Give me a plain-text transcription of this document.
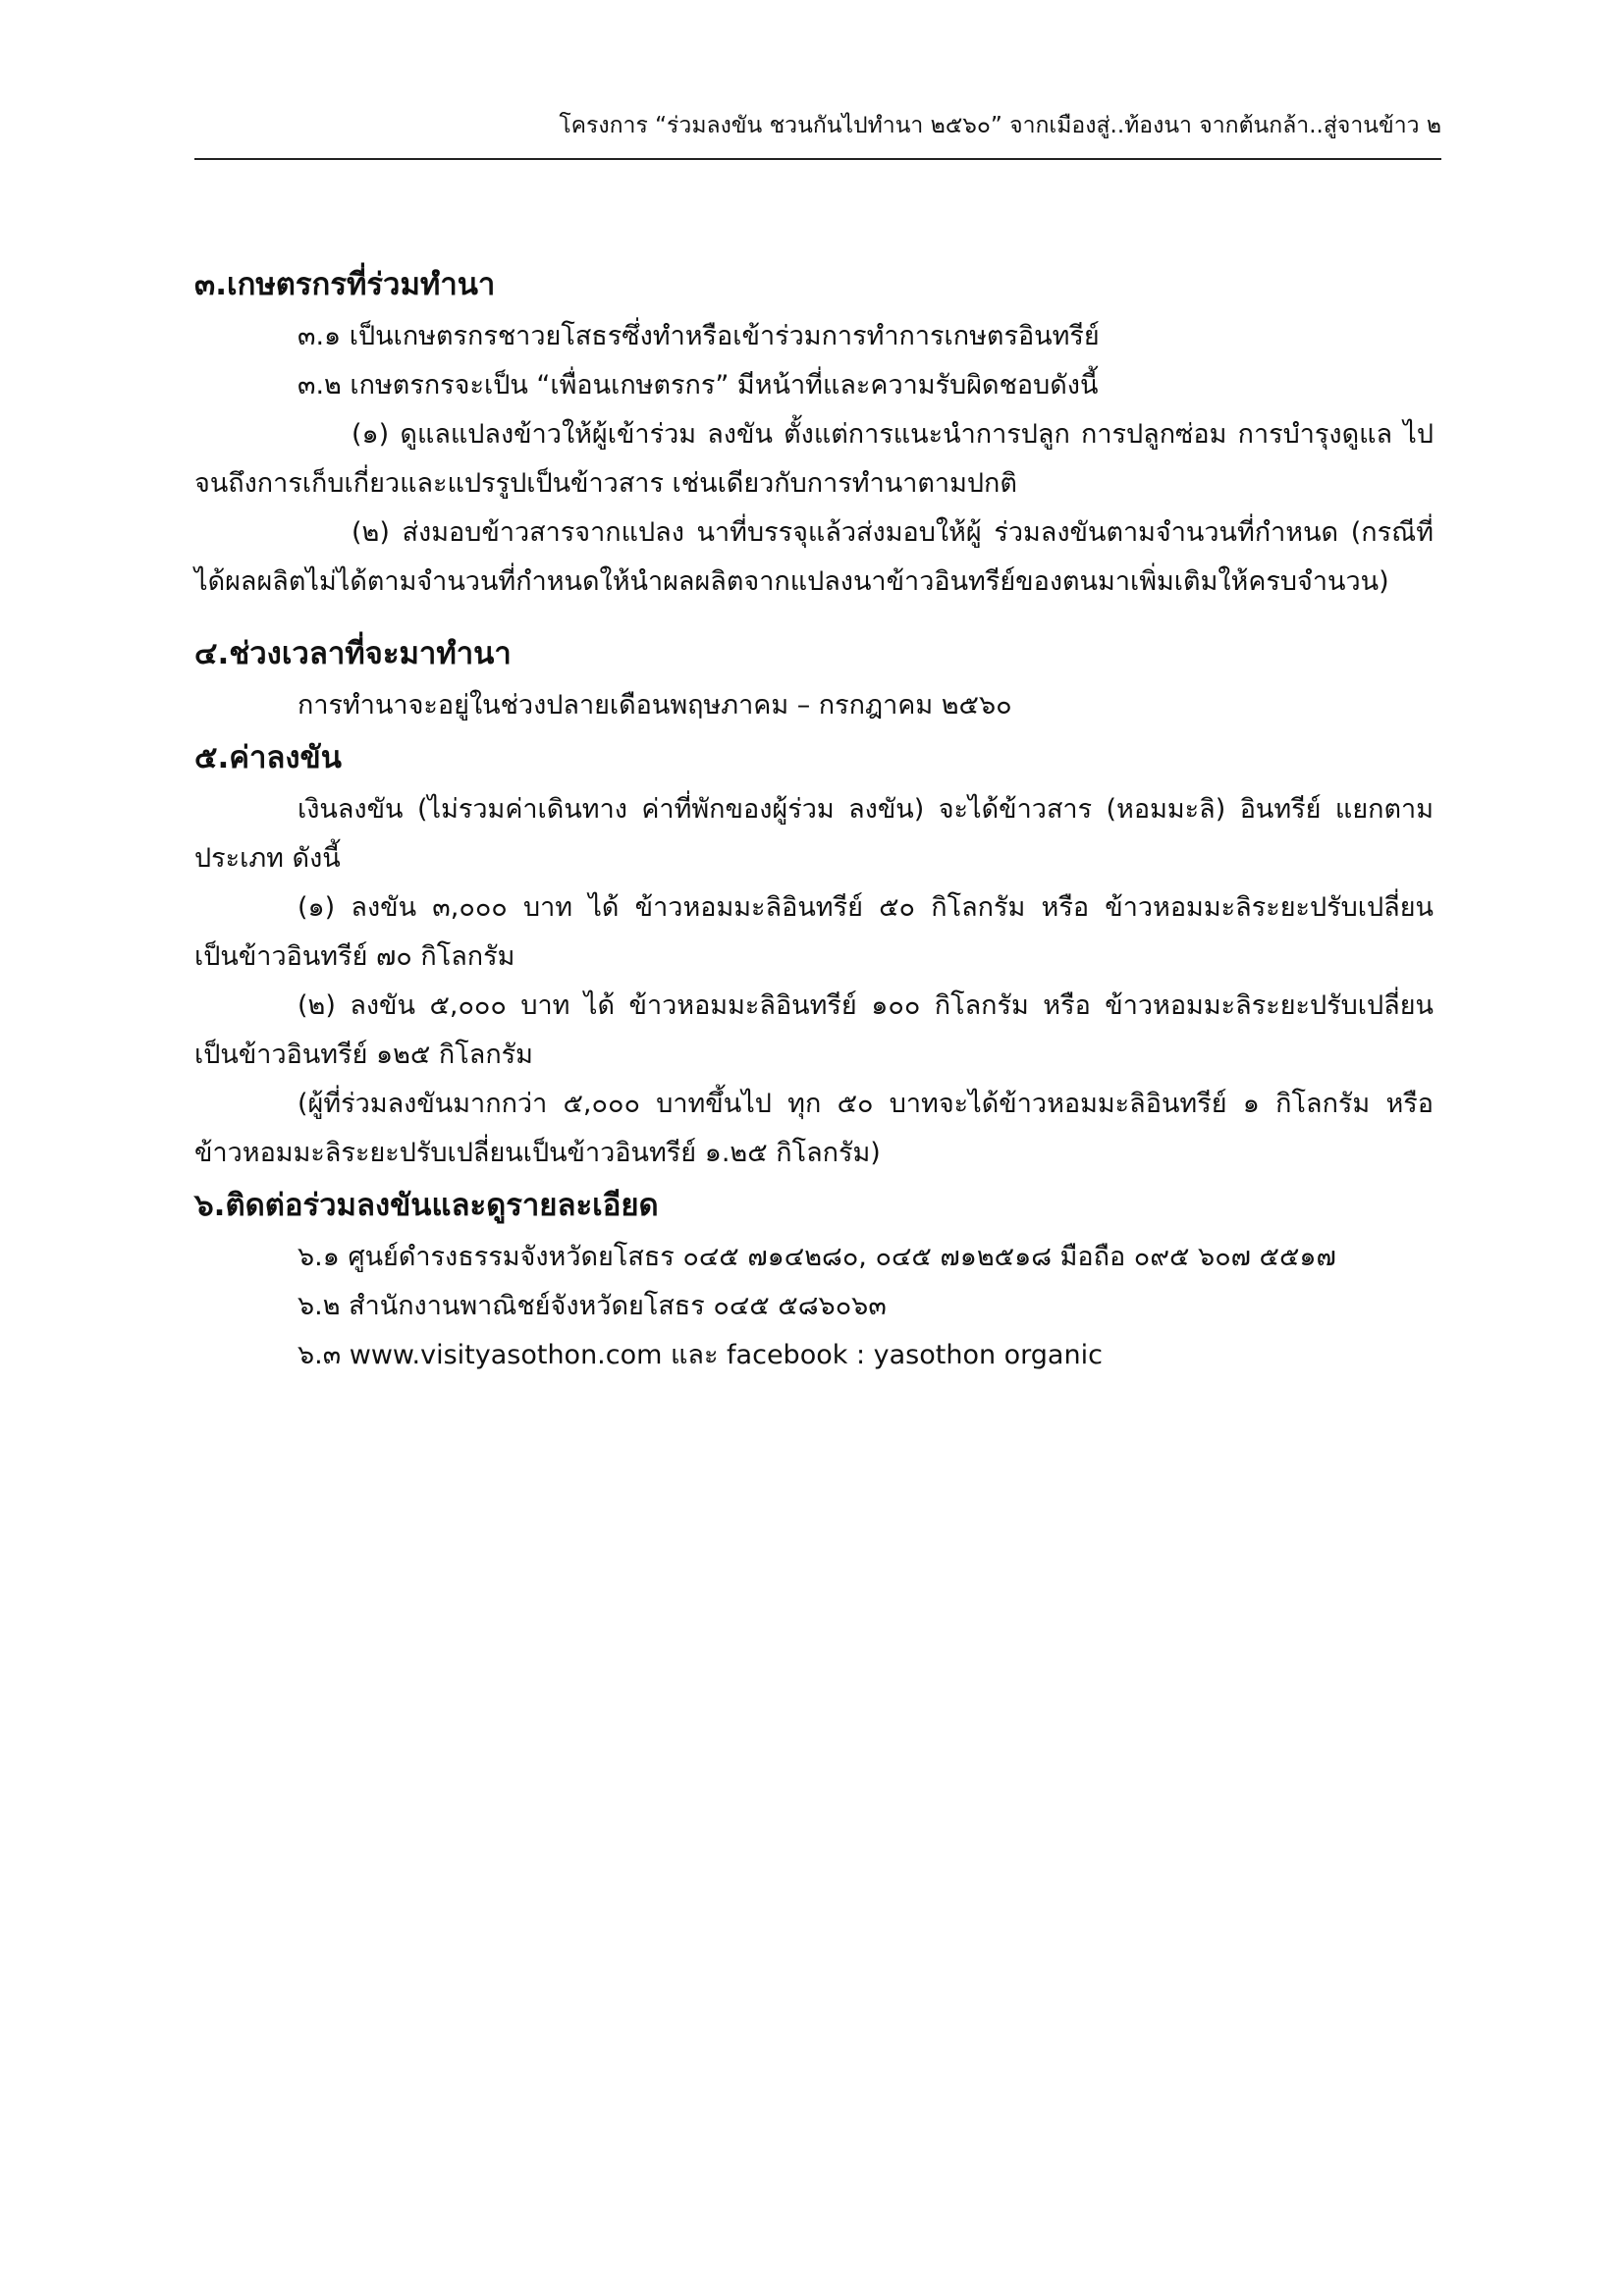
โครงการ “ร่วมลงขัน ชวนกันไปทำนา ๒๕๖๐” จากเมืองสู่..ท้องนา จากต้นกล้า..สู่จานข้าว ๒
๓.เกษตรกรที่ร่วมทำนา
๓.๑ เป็นเกษตรกรชาวยโสธรซึ่งทำหรือเข้าร่วมการทำการเกษตรอินทรีย์
๓.๒ เกษตรกรจะเป็น “เพื่อนเกษตรกร” มีหน้าที่และความรับผิดชอบดังนี้
(๑) ดูแลแปลงข้าวให้ผู้เข้าร่วม ลงขัน ตั้งแต่การแนะนำการปลูก การปลูกซ่อม การบำรุงดูแล ไป
จนถึงการเก็บเกี่ยวและแปรรูปเป็นข้าวสาร เช่นเดียวกับการทำนาตามปกติ
(๒) ส่งมอบข้าวสารจากแปลง นาที่บรรจุแล้วส่งมอบให้ผู้ ร่วมลงขันตามจำนวนที่กำหนด (กรณีที่
ได้ผลผลิตไม่ได้ตามจำนวนที่กำหนดให้นำผลผลิตจากแปลงนาข้าวอินทรีย์ของตนมาเพิ่มเติมให้ครบจำนวน)
๔.ช่วงเวลาที่จะมาทำนา
การทำนาจะอยู่ในช่วงปลายเดือนพฤษภาคม – กรกฎาคม ๒๕๖๐
๕.ค่าลงขัน
เงินลงขัน (ไม่รวมค่าเดินทาง ค่าที่พักของผู้ร่วม ลงขัน) จะได้ข้าวสาร (หอมมะลิ) อินทรีย์ แยกตาม
ประเภท ดังนี้
(๑) ลงขัน ๓,๐๐๐ บาท ได้ ข้าวหอมมะลิอินทรีย์ ๕๐ กิโลกรัม หรือ ข้าวหอมมะลิระยะปรับเปลี่ยน
เป็นข้าวอินทรีย์ ๗๐ กิโลกรัม
(๒) ลงขัน ๕,๐๐๐ บาท ได้ ข้าวหอมมะลิอินทรีย์ ๑๐๐ กิโลกรัม หรือ ข้าวหอมมะลิระยะปรับเปลี่ยน
เป็นข้าวอินทรีย์ ๑๒๕ กิโลกรัม
(ผู้ที่ร่วมลงขันมากกว่า ๕,๐๐๐ บาทขึ้นไป ทุก ๕๐ บาทจะได้ข้าวหอมมะลิอินทรีย์ ๑ กิโลกรัม หรือ
ข้าวหอมมะลิระยะปรับเปลี่ยนเป็นข้าวอินทรีย์ ๑.๒๕ กิโลกรัม)
๖.ติดต่อร่วมลงขันและดูรายละเอียด
๖.๑ ศูนย์ดำรงธรรมจังหวัดยโสธร ๐๔๕ ๗๑๔๒๘๐, ๐๔๕ ๗๑๒๕๑๘ มือถือ ๐๙๕ ๖๐๗ ๕๕๑๗
๖.๒ สำนักงานพาณิชย์จังหวัดยโสธร ๐๔๕ ๕๘๖๐๖๓
๖.๓ www.visityasothon.com และ facebook : yasothon organic
